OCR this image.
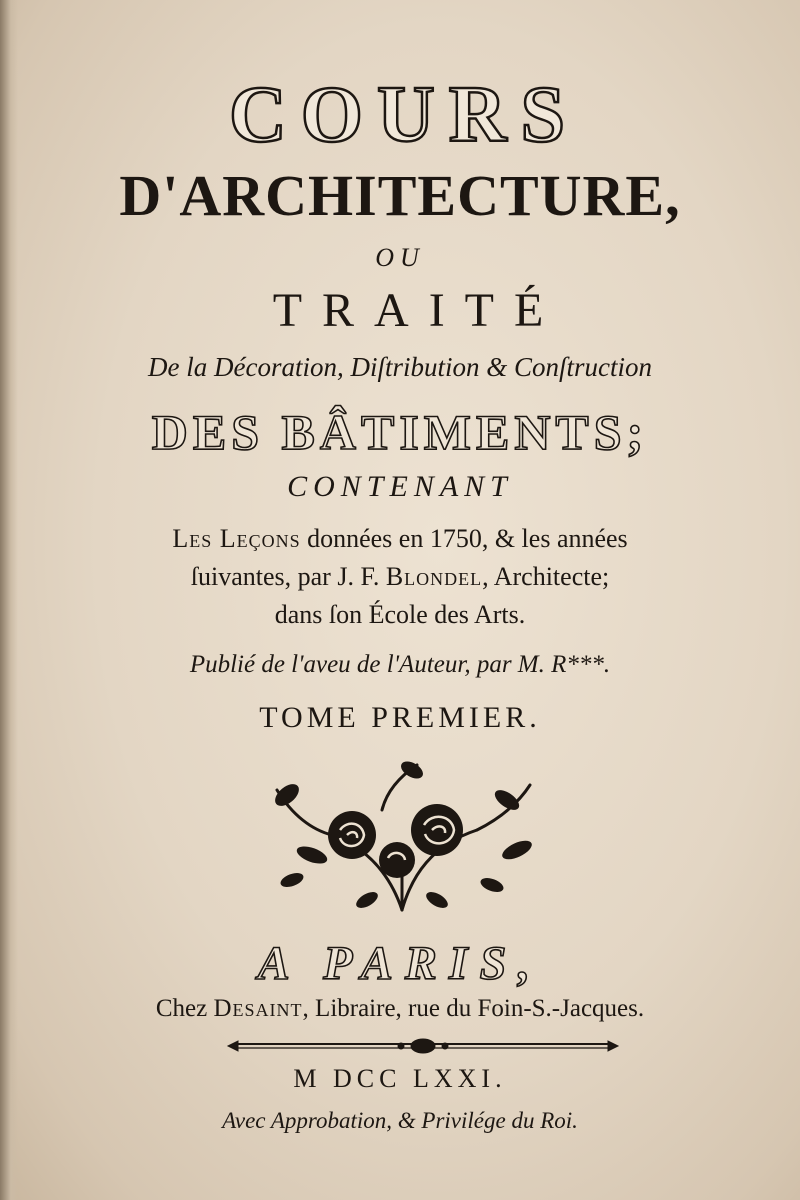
COURS
D'ARCHITECTURE,
OU
TRAITÉ
De la Décoration, Diſtribution & Conſtruction
DES BÂTIMENTS;
CONTENANT
Les Leçons données en 1750, & les années
ſuivantes, par J. F. Blondel, Architecte;
dans ſon École des Arts.
Publié de l'aveu de l'Auteur, par M. R***.
TOME PREMIER.
A PARIS,
Chez Desaint, Libraire, rue du Foin-S.-Jacques.
M DCC LXXI.
Avec Approbation, & Privilége du Roi.
